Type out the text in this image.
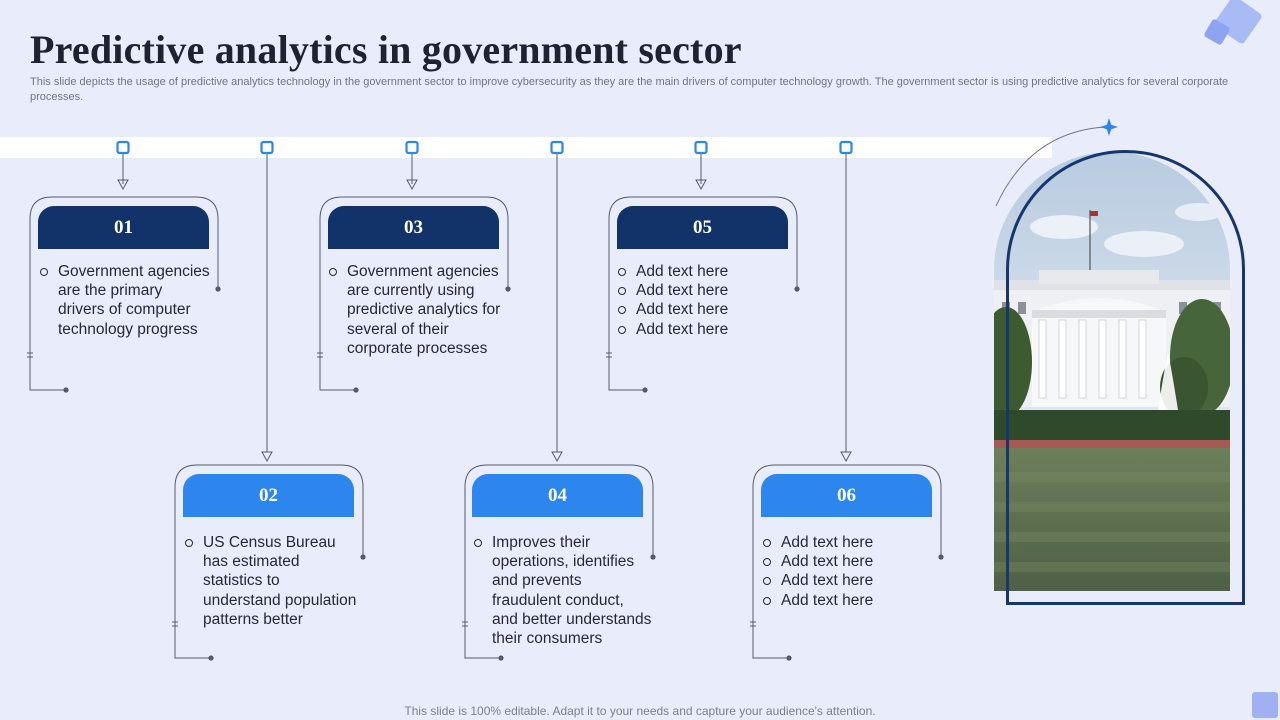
Predictive analytics in government sector

This slide depicts the usage of predictive analytics technology in the government sector to improve cybersecurity as they are the main drivers of computer technology growth. The government sector is using predictive analytics for several corporate processes.

01
Government agencies are the primary drivers of computer technology progress
03
Government agencies are currently using predictive analytics for several of their corporate processes
05
Add text here
Add text here
Add text here
Add text here
02
US Census Bureau has estimated statistics to understand population patterns better
04
Improves their operations, identifies and prevents fraudulent conduct, and better understands their consumers
06
Add text here
Add text here
Add text here
Add text here

This slide is 100% editable. Adapt it to your needs and capture your audience's attention.
